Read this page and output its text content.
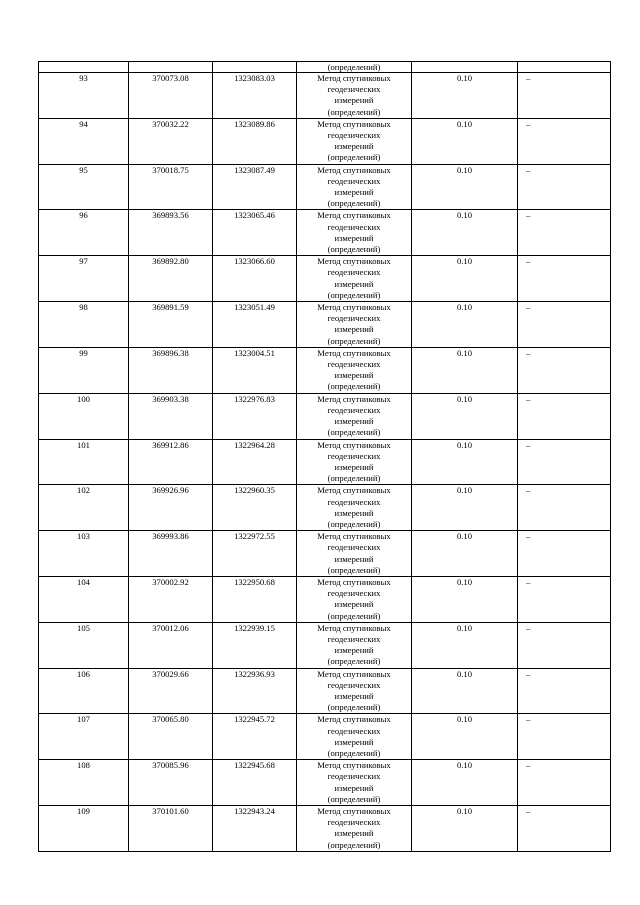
			(определений)		
93	370073.08	1323083.03	Метод спутниковых
геодезических
измерений
(определений)	0.10	–
94	370032.22	1323089.86	Метод спутниковых
геодезических
измерений
(определений)	0.10	–
95	370018.75	1323087.49	Метод спутниковых
геодезических
измерений
(определений)	0.10	–
96	369893.56	1323065.46	Метод спутниковых
геодезических
измерений
(определений)	0.10	–
97	369892.80	1323066.60	Метод спутниковых
геодезических
измерений
(определений)	0.10	–
98	369891.59	1323051.49	Метод спутниковых
геодезических
измерений
(определений)	0.10	–
99	369896.38	1323004.51	Метод спутниковых
геодезических
измерений
(определений)	0.10	–
100	369903.38	1322976.83	Метод спутниковых
геодезических
измерений
(определений)	0.10	–
101	369912.86	1322964.28	Метод спутниковых
геодезических
измерений
(определений)	0.10	–
102	369926.96	1322960.35	Метод спутниковых
геодезических
измерений
(определений)	0.10	–
103	369993.86	1322972.55	Метод спутниковых
геодезических
измерений
(определений)	0.10	–
104	370002.92	1322950.68	Метод спутниковых
геодезических
измерений
(определений)	0.10	–
105	370012.06	1322939.15	Метод спутниковых
геодезических
измерений
(определений)	0.10	–
106	370029.66	1322936.93	Метод спутниковых
геодезических
измерений
(определений)	0.10	–
107	370065.80	1322945.72	Метод спутниковых
геодезических
измерений
(определений)	0.10	–
108	370085.96	1322945.68	Метод спутниковых
геодезических
измерений
(определений)	0.10	–
109	370101.60	1322943.24	Метод спутниковых
геодезических
измерений
(определений)	0.10	–
